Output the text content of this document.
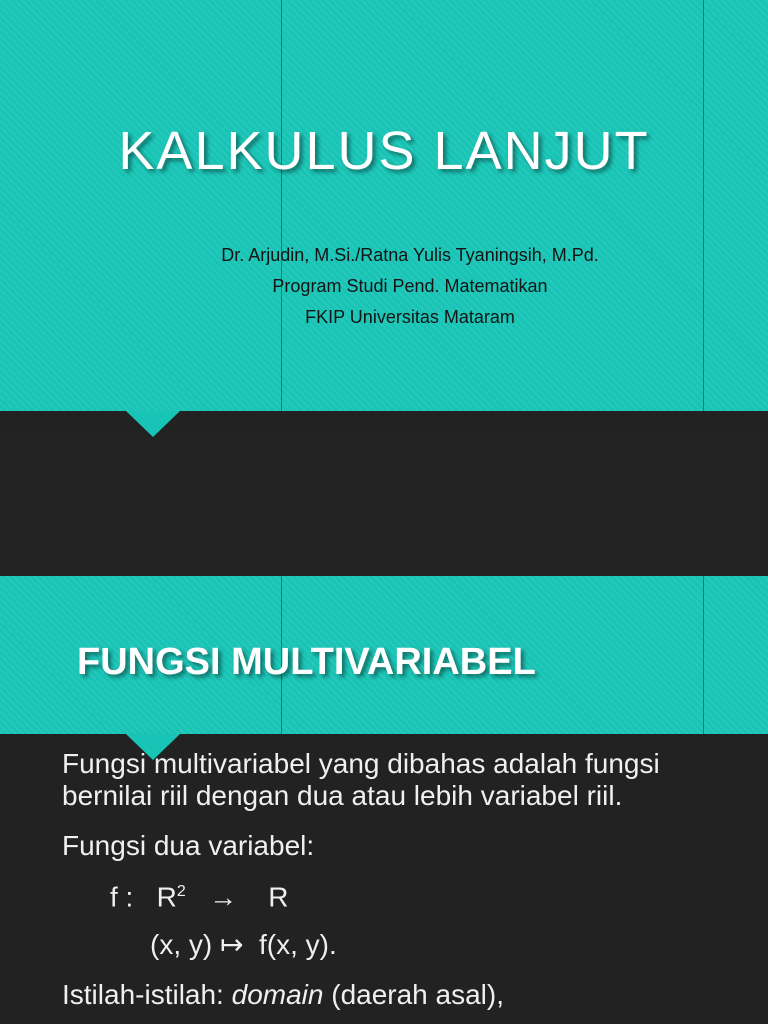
KALKULUS LANJUT
Dr. Arjudin, M.Si./Ratna Yulis Tyaningsih, M.Pd.
Program Studi Pend. Matematikan
FKIP Universitas Mataram
FUNGSI MULTIVARIABEL

Fungsi multivariabel yang dibahas adalah fungsi bernilai riil dengan dua atau lebih variabel riil.

Fungsi dua variabel:

f :   $R^2$   →    R

(x, y) ↦  f(x, y).

Istilah-istilah: domain (daerah asal),
